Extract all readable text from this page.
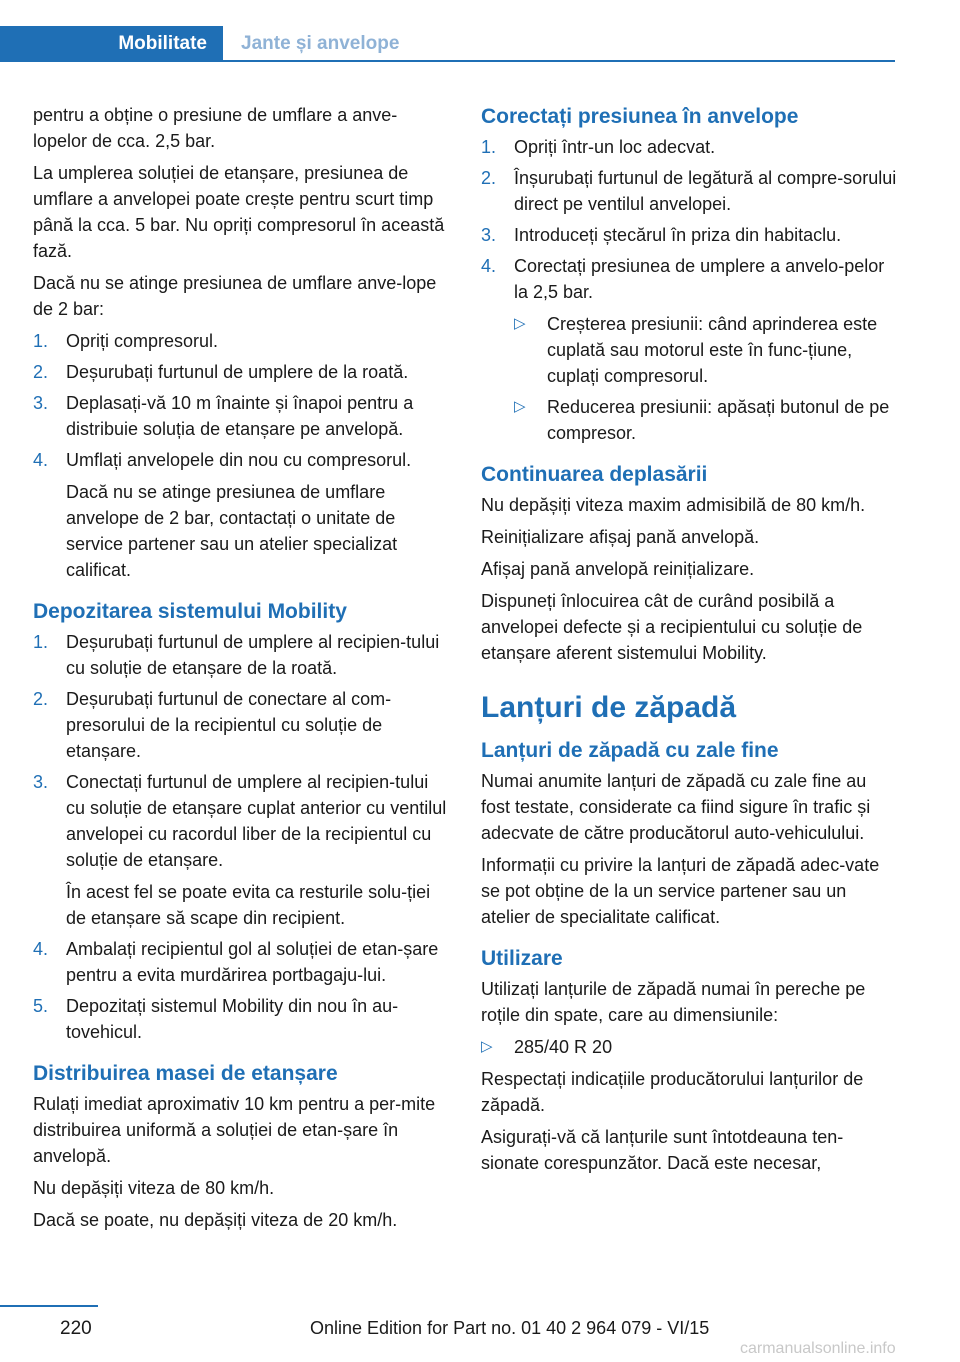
Mobilitate Jante și anvelope

pentru a obține o presiune de umflare a anve-lopelor de cca. 2,5 bar.

La umplerea soluției de etanșare, presiunea de umflare a anvelopei poate crește pentru scurt timp până la cca. 5 bar. Nu opriți compresorul în această fază.

Dacă nu se atinge presiunea de umflare anve-lope de 2 bar:

1. Opriți compresorul.
2. Deșurubați furtunul de umplere de la roată.
3. Deplasați-vă 10 m înainte și înapoi pentru a distribuie soluția de etanșare pe anvelopă.
4. Umflați anvelopele din nou cu compresorul.

Dacă nu se atinge presiunea de umflare anvelope de 2 bar, contactați o unitate de service partener sau un atelier specializat calificat.

Depozitarea sistemului Mobility
1. Deșurubați furtunul de umplere al recipien-tului cu soluție de etanșare de la roată.
2. Deșurubați furtunul de conectare al com-presorului de la recipientul cu soluție de etanșare.
3. Conectați furtunul de umplere al recipien-tului cu soluție de etanșare cuplat anterior cu ventilul anvelopei cu racordul liber de la recipientul cu soluție de etanșare.

În acest fel se poate evita ca resturile solu-ției de etanșare să scape din recipient.

4. Ambalați recipientul gol al soluției de etan-șare pentru a evita murdărirea portbagaju-lui.
5. Depozitați sistemul Mobility din nou în au-tovehicul.
Distribuirea masei de etanșare

Rulați imediat aproximativ 10 km pentru a per-mite distribuirea uniformă a soluției de etan-șare în anvelopă.

Nu depășiți viteza de 80 km/h.

Dacă se poate, nu depășiți viteza de 20 km/h.

Corectați presiunea în anvelope
1. Opriți într-un loc adecvat.
2. Înșurubați furtunul de legătură al compre-sorului direct pe ventilul anvelopei.
3. Introduceți ștecărul în priza din habitaclu.
4. Corectați presiunea de umplere a anvelo-pelor la 2,5 bar.
▷ Creșterea presiunii: când aprinderea este cuplată sau motorul este în func-țiune, cuplați compresorul.
▷ Reducerea presiunii: apăsați butonul de pe compresor.
Continuarea deplasării

Nu depășiți viteza maxim admisibilă de 80 km/h.

Reinițializare afișaj pană anvelopă.

Afișaj pană anvelopă reinițializare.

Dispuneți înlocuirea cât de curând posibilă a anvelopei defecte și a recipientului cu soluție de etanșare aferent sistemului Mobility.

Lanțuri de zăpadă
Lanțuri de zăpadă cu zale fine

Numai anumite lanțuri de zăpadă cu zale fine au fost testate, considerate ca fiind sigure în trafic și adecvate de către producătorul auto-vehiculului.

Informații cu privire la lanțuri de zăpadă adec-vate se pot obține de la un service partener sau un atelier de specialitate calificat.

Utilizare

Utilizați lanțurile de zăpadă numai în pereche pe roțile din spate, care au dimensiunile:

▷ 285/40 R 20

Respectați indicațiile producătorului lanțurilor de zăpadă.

Asigurați-vă că lanțurile sunt întotdeauna ten-sionate corespunzător. Dacă este necesar,

220	Online Edition for Part no. 01 40 2 964 079 - VI/15
carmanualsonline.info
